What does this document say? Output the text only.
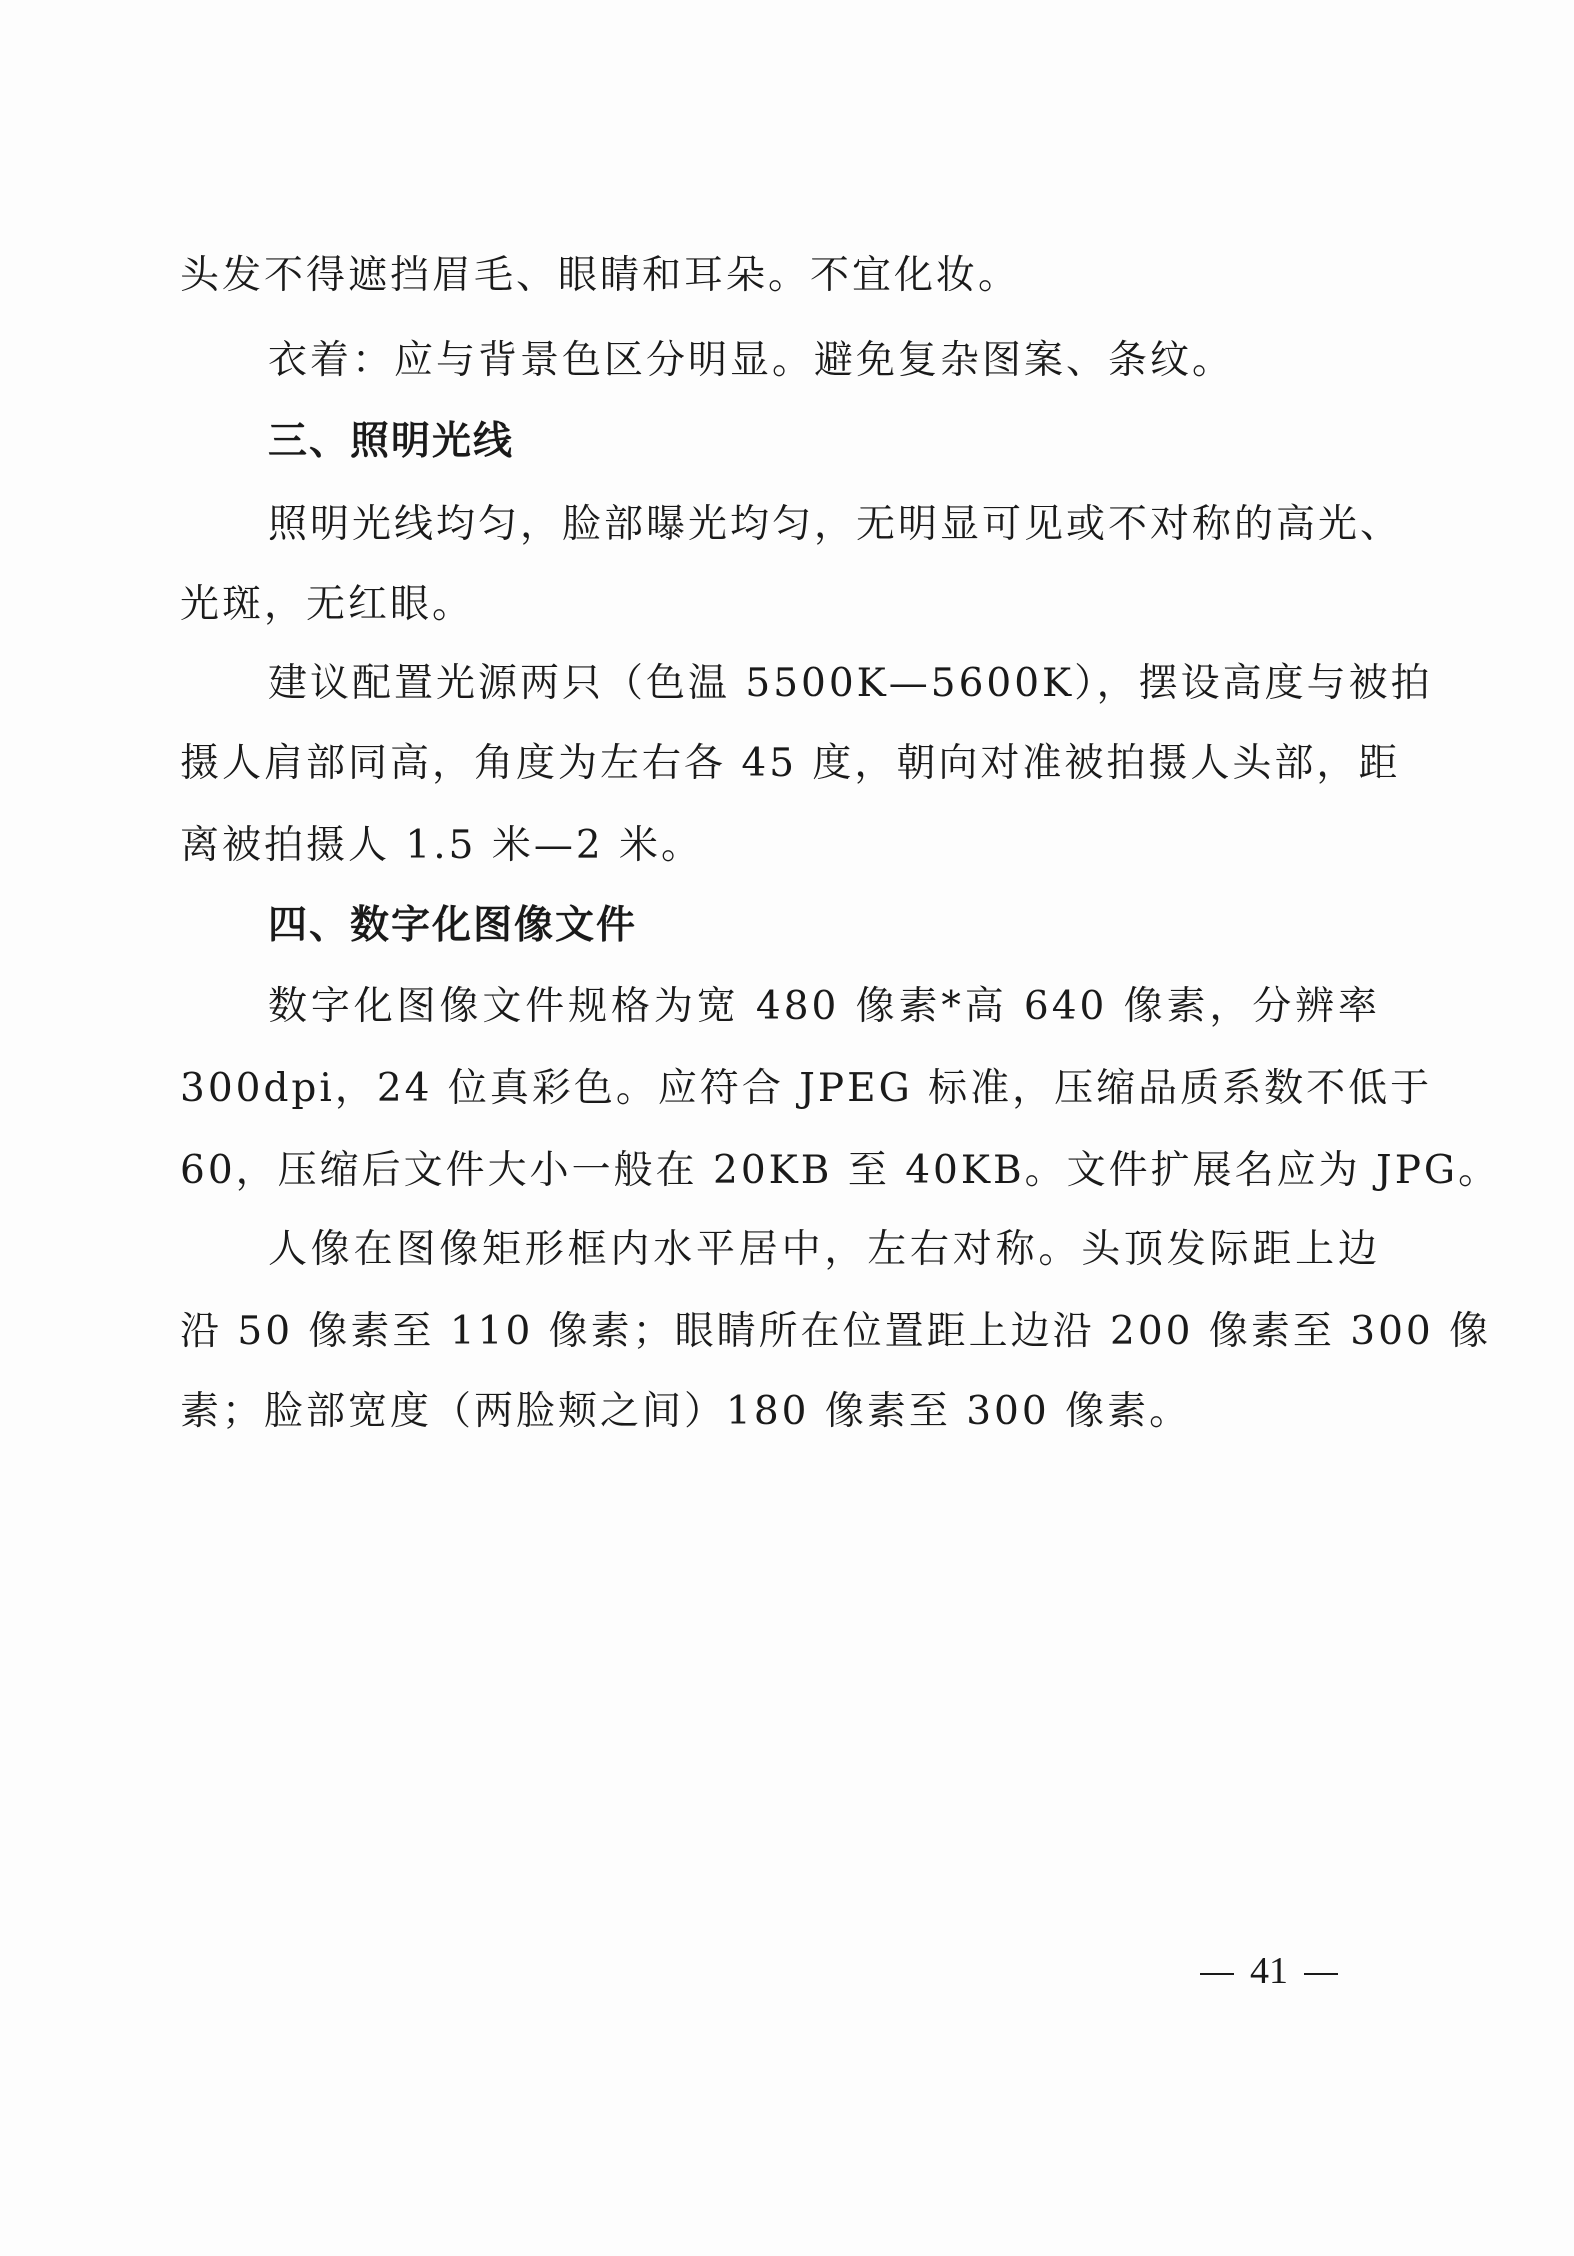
头发不得遮挡眉毛、眼睛和耳朵。不宜化妆。
衣着：应与背景色区分明显。避免复杂图案、条纹。
三、照明光线
照明光线均匀，脸部曝光均匀，无明显可见或不对称的高光、
光斑，无红眼。
建议配置光源两只（色温 5500K—5600K），摆设高度与被拍
摄人肩部同高，角度为左右各 45 度，朝向对准被拍摄人头部，距
离被拍摄人 1.5 米—2 米。
四、数字化图像文件
数字化图像文件规格为宽 480 像素*高 640 像素，分辨率
300dpi，24 位真彩色。应符合 JPEG 标准，压缩品质系数不低于
60，压缩后文件大小一般在 20KB 至 40KB。文件扩展名应为 JPG。
人像在图像矩形框内水平居中，左右对称。头顶发际距上边
沿 50 像素至 110 像素；眼睛所在位置距上边沿 200 像素至 300 像
素；脸部宽度（两脸颊之间）180 像素至 300 像素。
41
